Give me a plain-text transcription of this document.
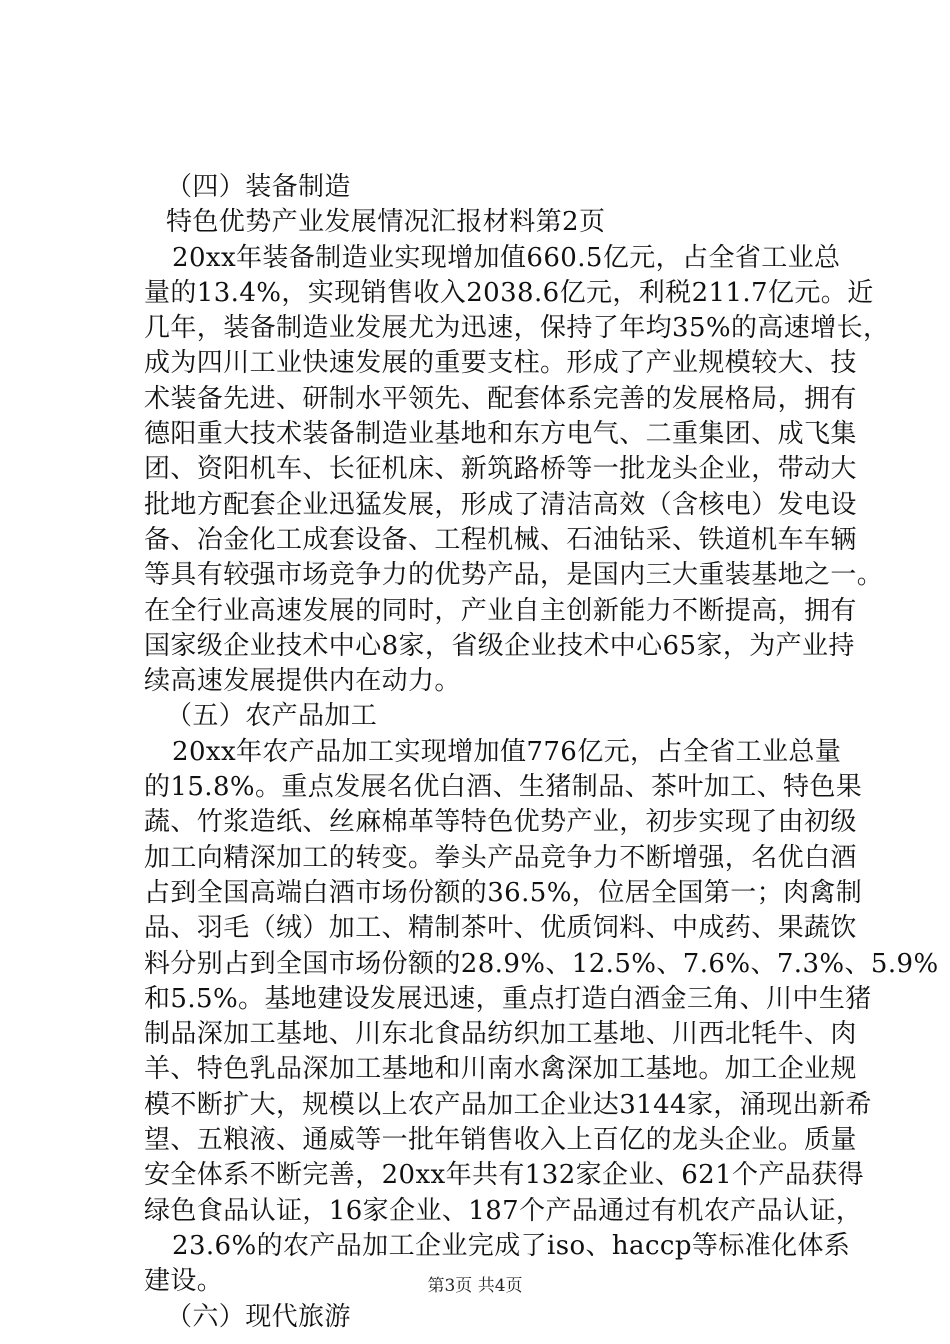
（四）装备制造
特色优势产业发展情况汇报材料第2页
20xx年装备制造业实现增加值660.5亿元，占全省工业总
量的13.4%，实现销售收入2038.6亿元，利税211.7亿元。近
几年，装备制造业发展尤为迅速，保持了年均35%的高速增长，
成为四川工业快速发展的重要支柱。形成了产业规模较大、技
术装备先进、研制水平领先、配套体系完善的发展格局，拥有
德阳重大技术装备制造业基地和东方电气、二重集团、成飞集
团、资阳机车、长征机床、新筑路桥等一批龙头企业，带动大
批地方配套企业迅猛发展，形成了清洁高效（含核电）发电设
备、冶金化工成套设备、工程机械、石油钻采、铁道机车车辆
等具有较强市场竞争力的优势产品，是国内三大重装基地之一。
在全行业高速发展的同时，产业自主创新能力不断提高，拥有
国家级企业技术中心8家，省级企业技术中心65家，为产业持
续高速发展提供内在动力。
（五）农产品加工
20xx年农产品加工实现增加值776亿元，占全省工业总量
的15.8%。重点发展名优白酒、生猪制品、茶叶加工、特色果
蔬、竹浆造纸、丝麻棉革等特色优势产业，初步实现了由初级
加工向精深加工的转变。拳头产品竞争力不断增强，名优白酒
占到全国高端白酒市场份额的36.5%，位居全国第一；肉禽制
品、羽毛（绒）加工、精制茶叶、优质饲料、中成药、果蔬饮
料分别占到全国市场份额的28.9%、12.5%、7.6%、7.3%、5.9%
和5.5%。基地建设发展迅速，重点打造白酒金三角、川中生猪
制品深加工基地、川东北食品纺织加工基地、川西北牦牛、肉
羊、特色乳品深加工基地和川南水禽深加工基地。加工企业规
模不断扩大，规模以上农产品加工企业达3144家，涌现出新希
望、五粮液、通威等一批年销售收入上百亿的龙头企业。质量
安全体系不断完善，20xx年共有132家企业、621个产品获得
绿色食品认证，16家企业、187个产品通过有机农产品认证，
23.6%的农产品加工企业完成了iso、haccp等标准化体系
建设。
（六）现代旅游
第3页 共4页
